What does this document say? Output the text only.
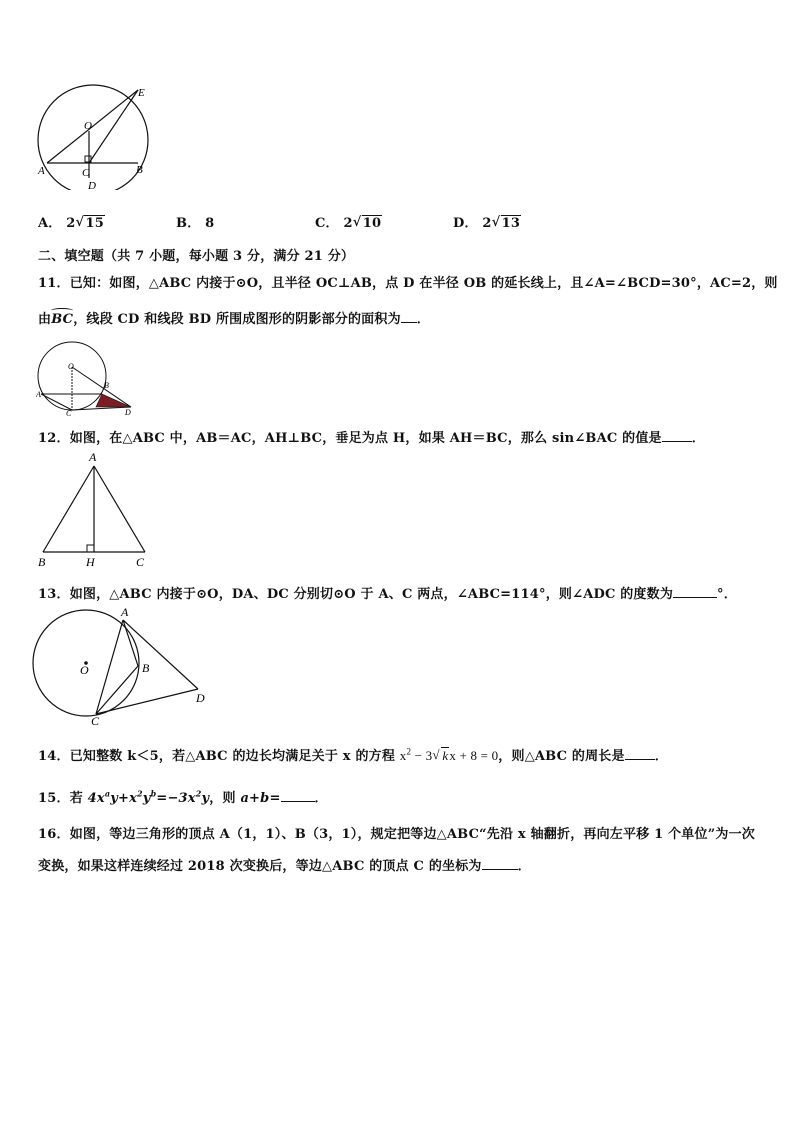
E
O
A	C	B
D
A． 2 √ 15	B． 8	C． 2 √ 10	D． 2 √ 13
二、填空题（共 7 小题，每小题 3 分，满分 21 分）
11．已知：如图，△ABC 内接于⊙O，且半径 OC⊥AB，点 D 在半径 OB 的延长线上，且∠A=∠BCD=30°，AC=2，则
由
BC，线段 CD 和线段 BD 所围成图形的阴影部分的面积为 ．
O
A
B
C	D
12．如图，在△ABC 中，AB＝AC，AH⊥BC，垂足为点 H，如果 AH＝BC，那么 sin∠BAC 的值是 ．
A
B	H	C
13．如图，△ABC 内接于⊙O，DA、DC 分别切⊙O 于 A、C 两点，∠ABC=114°，则∠ADC 的度数为	°．
A
B
O
C
D
14．已知整数 k＜5，若△ABC 的边长均满足关于 x 的方程 $x^2 - 3$ √ kx + 8 = 0，则△ABC 的周长是 ．
15．若 $4x^ay+x^2y^b=-3x^2y$，则 a+b=	．
16．如图，等边三角形的顶点 A（1，1）、B（3，1），规定把等边△ABC“先沿 x 轴翻折，再向左平移 1 个单位”为一次
变换，如果这样连续经过 2018 次变换后，等边△ABC 的顶点 C 的坐标为	．
